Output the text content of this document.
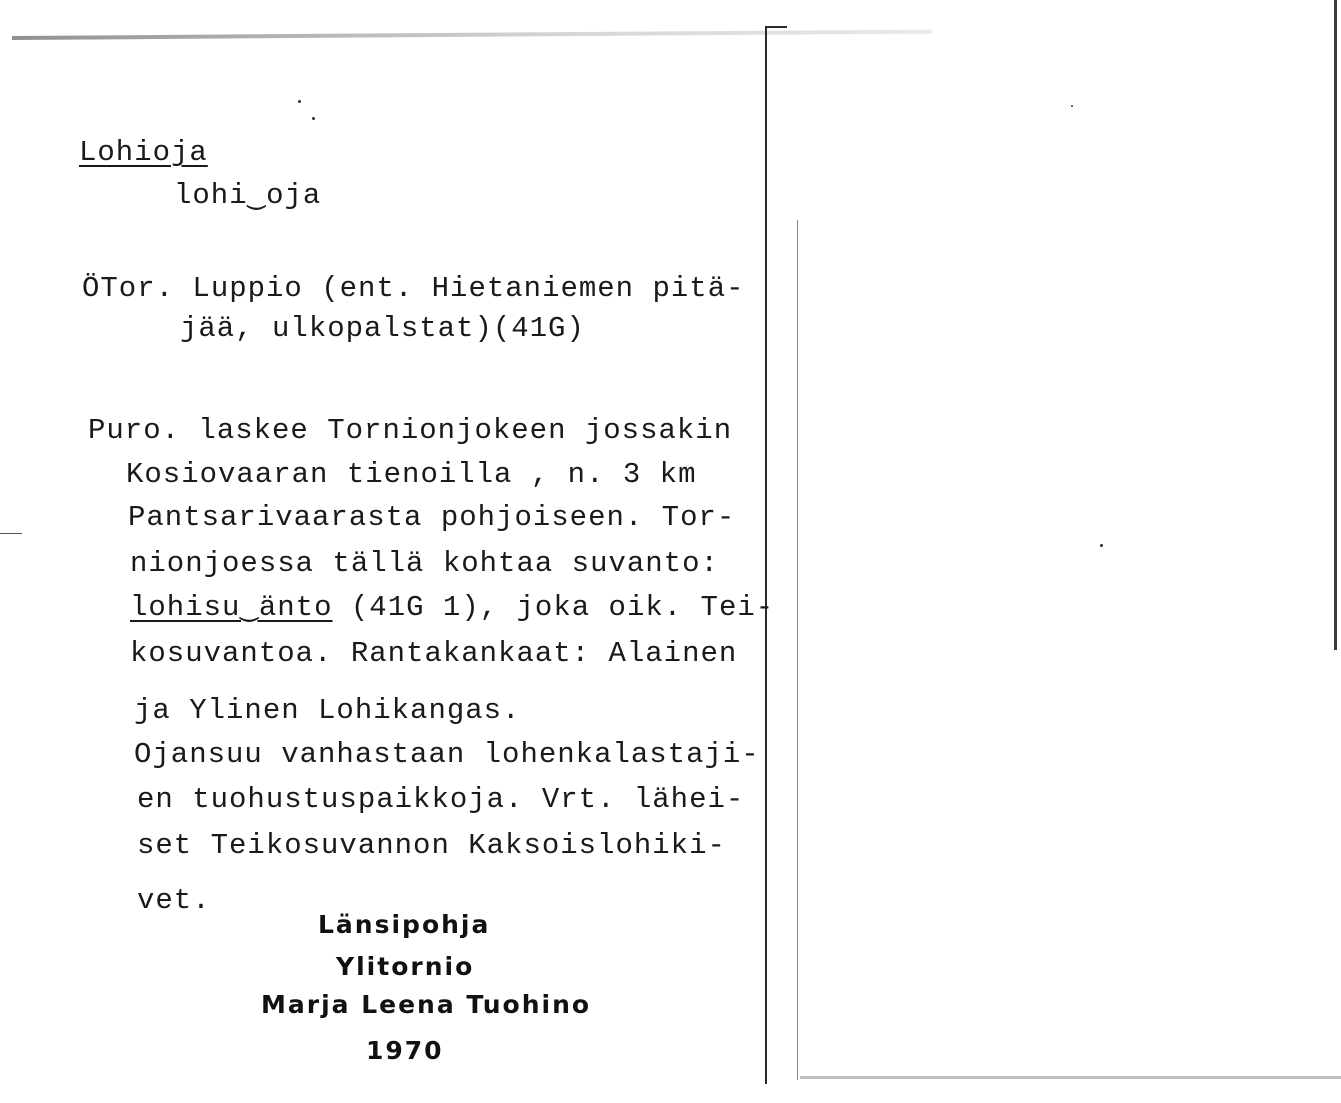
Lohioja
lohi‿oja
ÖTor. Luppio (ent. Hietaniemen pitä-
jää, ulkopalstat)(41G)
Puro. laskee Tornionjokeen jossakin
Kosiovaaran tienoilla , n. 3 km
Pantsarivaarasta pohjoiseen. Tor-
nionjoessa tällä kohtaa suvanto:
lohisu‿änto (41G 1), joka oik. Tei-
kosuvantoa. Rantakankaat: Alainen
ja Ylinen Lohikangas.
Ojansuu vanhastaan lohenkalastaji-
en tuohustuspaikkoja. Vrt. lähei-
set Teikosuvannon Kaksoislohiki-
vet.
Länsipohja
Ylitornio
Marja Leena Tuohino
1970
